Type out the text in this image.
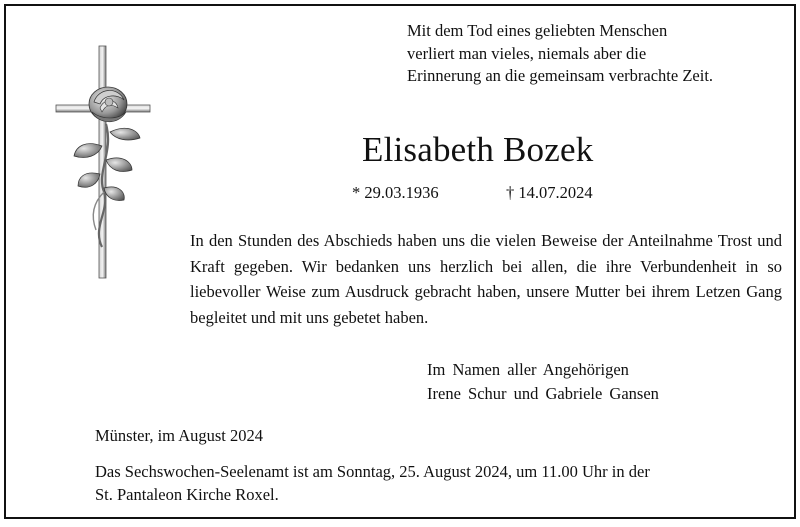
Mit dem Tod eines geliebten Menschen
verliert man vieles, niemals aber die
Erinnerung an die gemeinsam verbrachte Zeit.
Elisabeth Bozek
* 29.03.1936	† 14.07.2024
In den Stunden des Abschieds haben uns die vielen Beweise der Anteilnahme Trost und Kraft gegeben. Wir bedanken uns herzlich bei allen, die ihre Verbundenheit in so liebevoller Weise zum Ausdruck gebracht haben, unsere Mutter bei ihrem Letzen Gang begleitet und mit uns gebetet haben.
Im Namen aller Angehörigen
Irene Schur und Gabriele Gansen
Münster, im August 2024
Das Sechswochen-Seelenamt ist am Sonntag, 25. August 2024, um 11.00 Uhr in der
St. Pantaleon Kirche Roxel.
